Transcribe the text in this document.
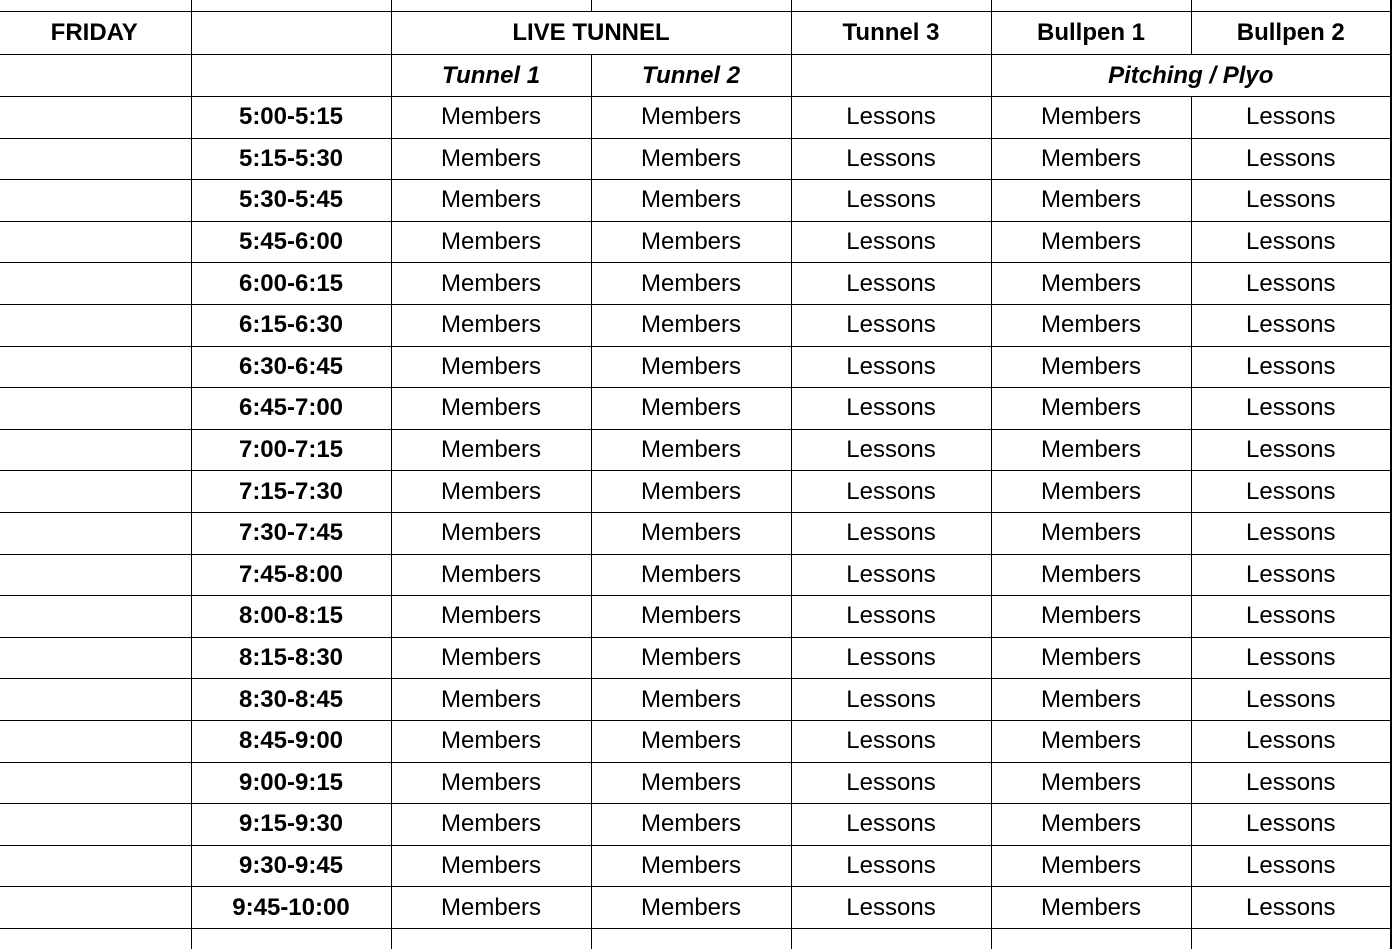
FRIDAY		LIVE TUNNEL		Tunnel 3	Bullpen 1	Bullpen 2
		Tunnel 1	Tunnel 2		Pitching / Plyo	
	5:00-5:15	Members	Members	Lessons	Members	Lessons
	5:15-5:30	Members	Members	Lessons	Members	Lessons
	5:30-5:45	Members	Members	Lessons	Members	Lessons
	5:45-6:00	Members	Members	Lessons	Members	Lessons
	6:00-6:15	Members	Members	Lessons	Members	Lessons
	6:15-6:30	Members	Members	Lessons	Members	Lessons
	6:30-6:45	Members	Members	Lessons	Members	Lessons
	6:45-7:00	Members	Members	Lessons	Members	Lessons
	7:00-7:15	Members	Members	Lessons	Members	Lessons
	7:15-7:30	Members	Members	Lessons	Members	Lessons
	7:30-7:45	Members	Members	Lessons	Members	Lessons
	7:45-8:00	Members	Members	Lessons	Members	Lessons
	8:00-8:15	Members	Members	Lessons	Members	Lessons
	8:15-8:30	Members	Members	Lessons	Members	Lessons
	8:30-8:45	Members	Members	Lessons	Members	Lessons
	8:45-9:00	Members	Members	Lessons	Members	Lessons
	9:00-9:15	Members	Members	Lessons	Members	Lessons
	9:15-9:30	Members	Members	Lessons	Members	Lessons
	9:30-9:45	Members	Members	Lessons	Members	Lessons
	9:45-10:00	Members	Members	Lessons	Members	Lessons
